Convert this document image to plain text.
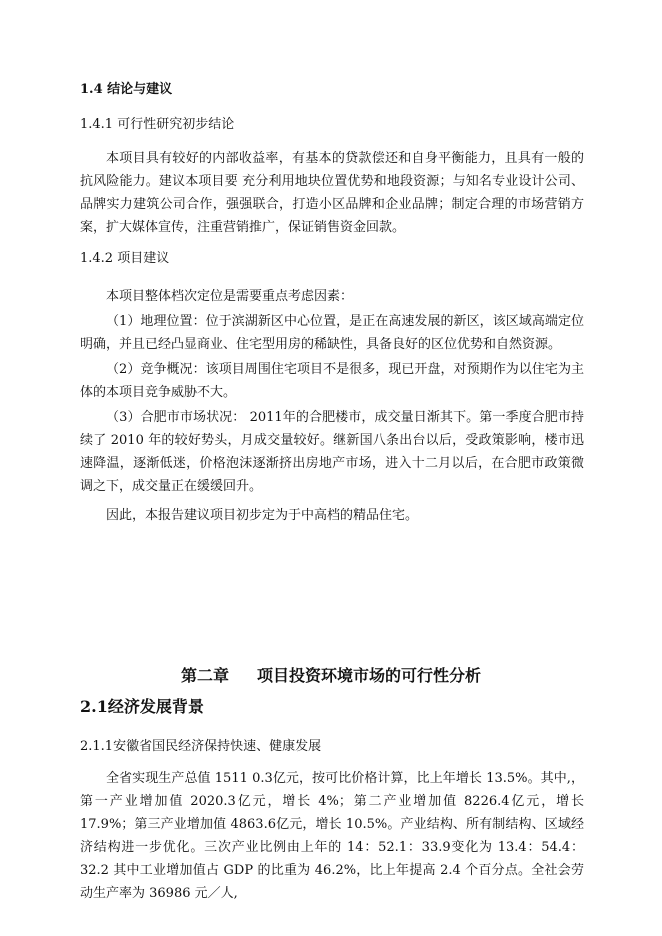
1.4 结论与建议
1.4.1 可行性研究初步结论
本项目具有较好的内部收益率，有基本的贷款偿还和自身平衡能力，且具有一般的抗风险能力。建议本项目要 充分利用地块位置优势和地段资源；与知名专业设计公司、品牌实力建筑公司合作，强强联合，打造小区品牌和企业品牌；制定合理的市场营销方案，扩大媒体宣传，注重营销推广，保证销售资金回款。
1.4.2 项目建议
本项目整体档次定位是需要重点考虑因素：
（1）地理位置：位于滨湖新区中心位置，是正在高速发展的新区，该区域高端定位明确，并且已经凸显商业、住宅型用房的稀缺性，具备良好的区位优势和自然资源。
（2）竞争概况：该项目周围住宅项目不是很多，现已开盘，对预期作为以住宅为主体的本项目竞争威胁不大。
（3）合肥市市场状况： 2011年的合肥楼市，成交量日渐其下。第一季度合肥市持续了 2010 年的较好势头，月成交量较好。继新国八条出台以后，受政策影响，楼市迅速降温，逐渐低迷，价格泡沫逐渐挤出房地产市场，进入十二月以后，在合肥市政策微调之下，成交量正在缓缓回升。
因此，本报告建议项目初步定为于中高档的精品住宅。
第二章 项目投资环境市场的可行性分析
2.1经济发展背景
2.1.1安徽省国民经济保持快速、健康发展
全省实现生产总值 1511 0.3亿元，按可比价格计算，比上年增长 13.5%。其中,，第一产业增加值 2020.3亿元，增长 4%；第二产业增加值 8226.4亿元，增长 17.9%；第三产业增加值 4863.6亿元，增长 10.5%。产业结构、所有制结构、区域经济结构进一步优化。三次产业比例由上年的 14：52.1：33.9变化为 13.4：54.4：32.2 其中工业增加值占 GDP 的比重为 46.2%，比上年提高 2.4 个百分点。全社会劳动生产率为 36986 元／人,
